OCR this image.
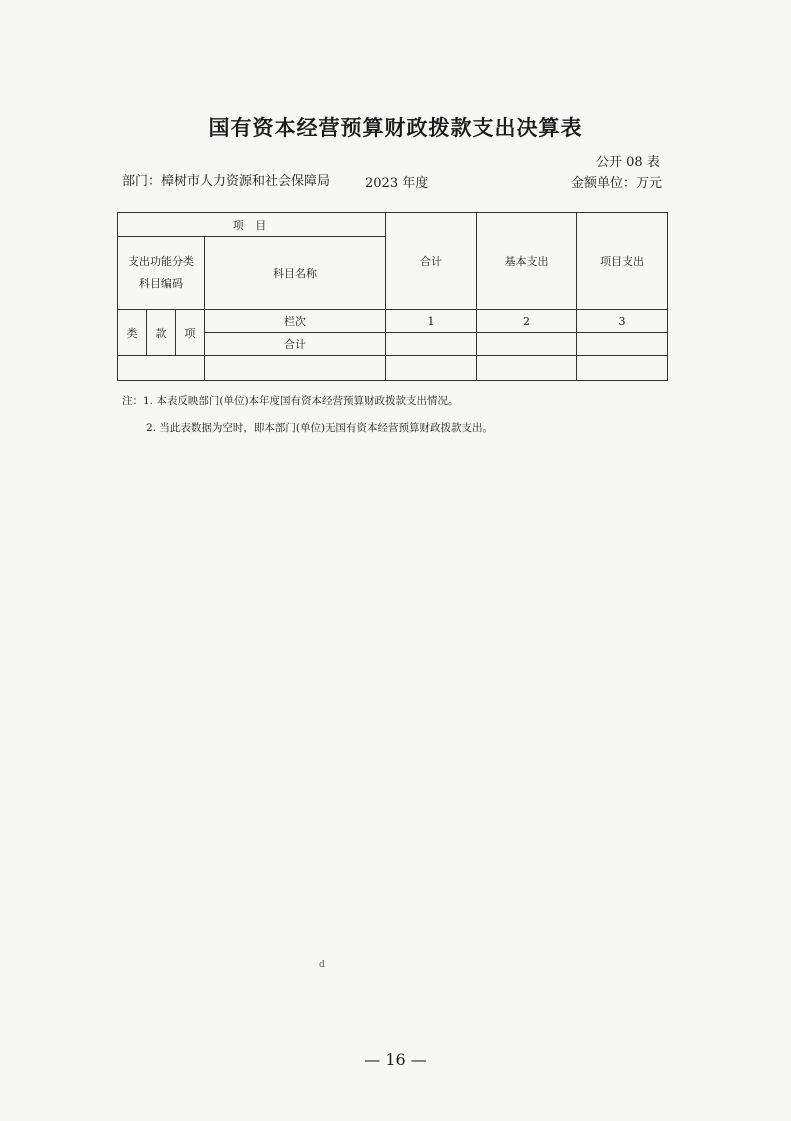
国有资本经营预算财政拨款支出决算表
公开 08 表
部门：樟树市人力资源和社会保障局	2023 年度	金额单位：万元
项 目				合计	基本支出	项目支出
支出功能分类科目编码			科目名称			
类	款	项	栏次	1	2	3
			合计			

注：1. 本表反映部门(单位)本年度国有资本经营预算财政拨款支出情况。
2. 当此表数据为空时，即本部门(单位)无国有资本经营预算财政拨款支出。
d
— 16 —
